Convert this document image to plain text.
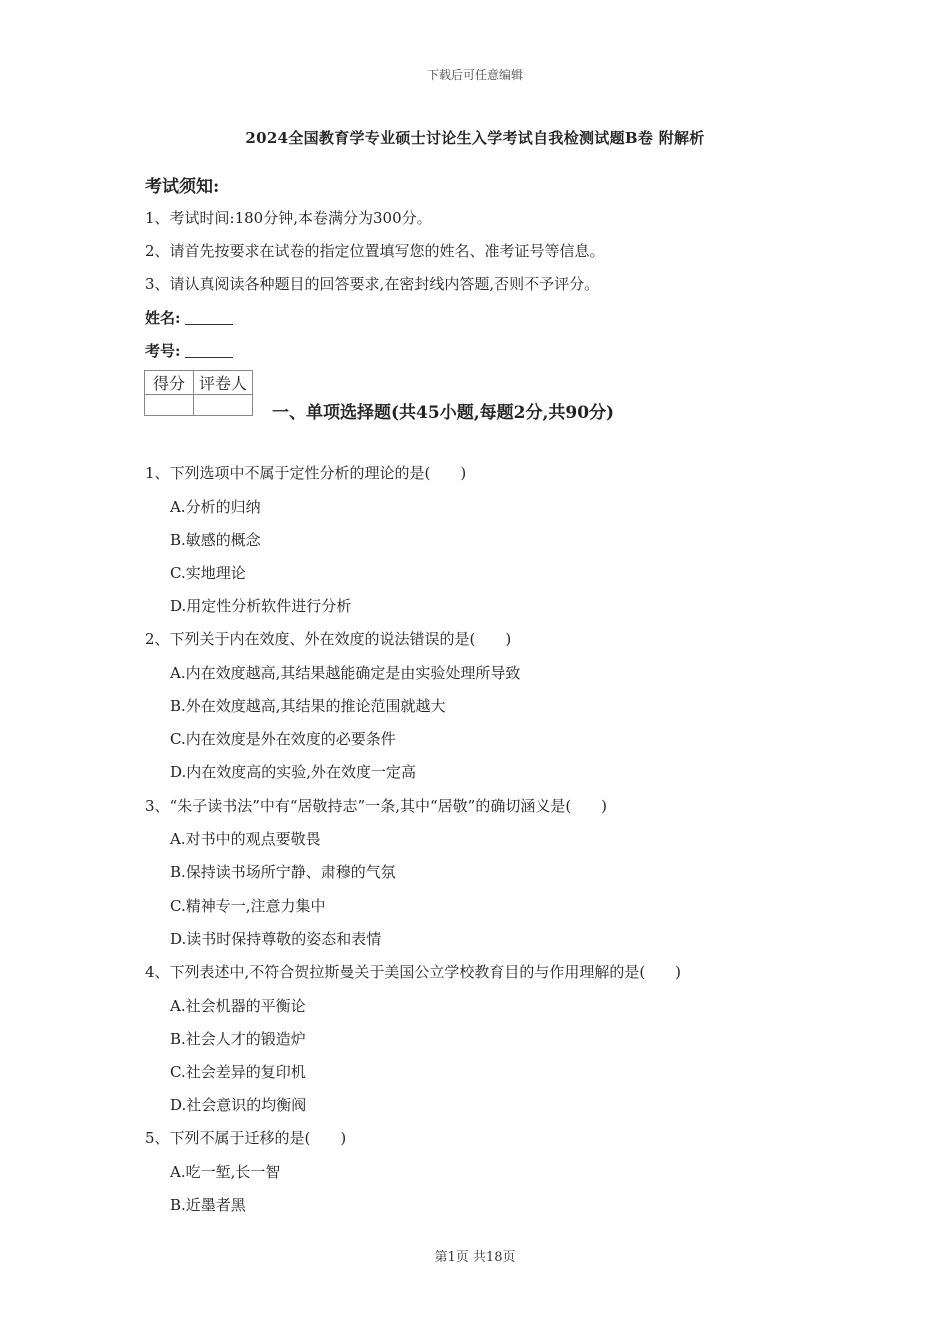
下载后可任意编辑
2024全国教育学专业硕士讨论生入学考试自我检测试题B卷 附解析
考试须知:
1、考试时间:180分钟,本卷满分为300分。
2、请首先按要求在试卷的指定位置填写您的姓名、准考证号等信息。
3、请认真阅读各种题目的回答要求,在密封线内答题,否则不予评分。
姓名:
考号:
得分	评卷人

一、单项选择题(共45小题,每题2分,共90分)
1、下列选项中不属于定性分析的理论的是(　　)
A.分析的归纳
B.敏感的概念
C.实地理论
D.用定性分析软件进行分析
2、下列关于内在效度、外在效度的说法错误的是(　　)
A.内在效度越高,其结果越能确定是由实验处理所导致
B.外在效度越高,其结果的推论范围就越大
C.内在效度是外在效度的必要条件
D.内在效度高的实验,外在效度一定高
3、“朱子读书法”中有“居敬持志”一条,其中“居敬”的确切涵义是(　　)
A.对书中的观点要敬畏
B.保持读书场所宁静、肃穆的气氛
C.精神专一,注意力集中
D.读书时保持尊敬的姿态和表情
4、下列表述中,不符合贺拉斯曼关于美国公立学校教育目的与作用理解的是(　　)
A.社会机器的平衡论
B.社会人才的锻造炉
C.社会差异的复印机
D.社会意识的均衡阀
5、下列不属于迁移的是(　　)
A.吃一堑,长一智
B.近墨者黑
第1页 共18页
